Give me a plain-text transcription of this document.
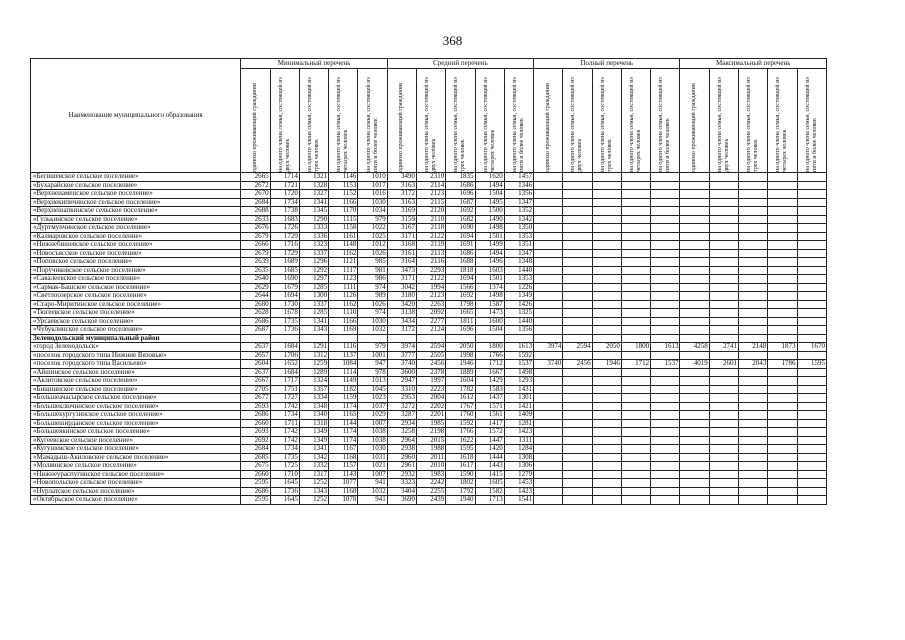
368
Наименование муниципального образования	Минимальный перечень					Средний перечень					Полный перечень					Максимальный перечень				

	одиноко проживающий гражданин	на одного члена семьи, состоящей из двух человек	на одного члена семьи, состоящей из трех человек	на одного члена семьи, состоящей из четырех человек	на одного члена семьи, состоящей из пяти и более человек	одиноко проживающий гражданин	на одного члена семьи, состоящей из двух человек	на одного члена семьи, состоящей из трех человек	на одного члена семьи, состоящей из четырех человек	на одного члена семьи, состоящей из пяти и более человек	одиноко проживающий гражданин	на одного члена семьи, состоящей из двух человек	на одного члена семьи, состоящей из трех человек	на одного члена семьи, состоящей из четырех человек	на одного члена семьи, состоящей из пяти и более человек	одиноко проживающий гражданин	на одного члена семьи, состоящей из двух человек	на одного члена семьи, состоящей из трех человек	на одного члена семьи, состоящей из четырех человек	на одного члена семьи, состоящей из пяти и более человек

«Бегишевское сельское поселение»	2665	1714	1321	1146	1010	3490	2310	1835	1620	1457										
«Бухарайское сельское поселение»	2672	1721	1328	1153	1017	3163	2114	1686	1494	1346										
«Верхнеиаменское сельское поселение»	2670	1720	1327	1152	1016	3172	2123	1696	1504	1356										
«Верхнекипичинское сельское поселение»	2684	1734	1341	1166	1030	3163	2115	1687	1495	1347										
«Верхнешапкинское сельское поселение»	2688	1738	1345	1170	1034	3169	2120	1692	1500	1352										
«Гулькинское сельское поселение»	2633	1683	1290	1115	979	3159	2110	1682	1490	1342										
«Дуртмунчинское сельское поселение»	2676	1726	1333	1158	1022	3167	2118	1690	1498	1350										
«Калмаровское сельское поселение»	2679	1729	1336	1161	1025	3171	2122	1694	1501	1353										
«Нижнебишевское сельское поселение»	2666	1716	1323	1148	1012	3168	2119	1691	1499	1351										
«Новосъясское сельское поселение»	2679	1729	1337	1162	1026	3161	2113	1686	1494	1347										
«Поповское сельское поселение»	2639	1689	1296	1121	985	3164	2116	1688	1496	1348										
«Поручиковское сельское поселение»	2635	1685	1292	1117	981	3473	2293	1818	1603	1440										
«Савалеевское сельское поселение»	2640	1690	1297	1123	986	3171	2122	1694	1501	1353										
«Сармак-Башское сельское поселение»	2629	1679	1285	1111	974	3042	1994	1566	1374	1226										
«Светлоозерское сельское поселение»	2644	1694	1300	1126	989	3180	2123	1692	1498	1349										
«Старо-Миритинское сельское поселение»	2680	1730	1337	1162	1026	3420	2263	1798	1587	1426										
«Тюгеевское сельское поселение»	2628	1678	1285	1110	974	3138	2092	1665	1473	1325										
«Урсаевское сельское поселение»	2686	1735	1341	1166	1030	3434	2277	1811	1600	1440										
«Чубуклинское сельское поселение»	2687	1736	1343	1169	1032	3172	2124	1696	1504	1356										
Зеленодольский муниципальный район																				
«город Зеленодольск»	2637	1684	1291	1116	979	3974	2594	2050	1800	1613	3974	2594	2050	1800	1613	4258	2741	2148	1873	1670
«поселок городского типа Нижние Вязовые»	2657	1706	1312	1137	1001	3777	2505	1998	1766	1592										
«поселок городского типа Васильево»	2604	1652	1259	1084	947	3740	2456	1946	1712	1537	3740	2456	1946	1712	1537	4019	2601	2043	1786	1595
«Айшинское сельское поселение»	2637	1684	1289	1114	978	3600	2378	1889	1667	1498										
«Акзиговское сельское поселение»	2667	1717	1324	1149	1013	2947	1997	1604	1429	1293										
«Бишнинское сельское поселение»	2705	1751	1357	1182	1045	3310	2223	1782	1583	1431										
«Большеачасырское сельское поселение»	2677	1727	1334	1159	1023	2953	2004	1612	1437	1301										
«Большеключинское сельское поселение»	2693	1742	1348	1174	1037	3272	2202	1767	1571	1421										
«Большекургузинское сельское поселение»	2686	1734	1340	1165	1029	3287	2201	1760	1561	1409										
«Большеширданское сельское поселение»	2660	1711	1318	1144	1007	2934	1985	1592	1417	1281										
«Большеякинское сельское поселение»	2693	1742	1349	1174	1038	3258	2198	1766	1572	1423										
«Кугеевское сельское поселение»	2692	1742	1349	1174	1038	2964	2015	1622	1447	1311										
«Кугушевское сельское поселение»	2684	1734	1341	1167	1030	2938	1988	1595	1420	1284										
«Мамадыш-Акиловское сельское поселение»	2685	1735	1342	1168	1031	2960	2011	1618	1444	1308										
«Молвинское сельское поселение»	2675	1725	1332	1157	1021	2961	2010	1617	1443	1306										
«Нижнеураспугинское сельское поселение»	2660	1710	1317	1143	1007	2932	1983	1590	1415	1279										
«Новопольское сельское поселение»	2595	1645	1252	1077	941	3323	2242	1802	1605	1453										
«Нурлатское сельское поселение»	2686	1736	1343	1168	1032	3404	2255	1792	1582	1423										
«Октябрьское сельское поселение»	2595	1645	1252	1078	941	3690	2439	1940	1713	1541										
